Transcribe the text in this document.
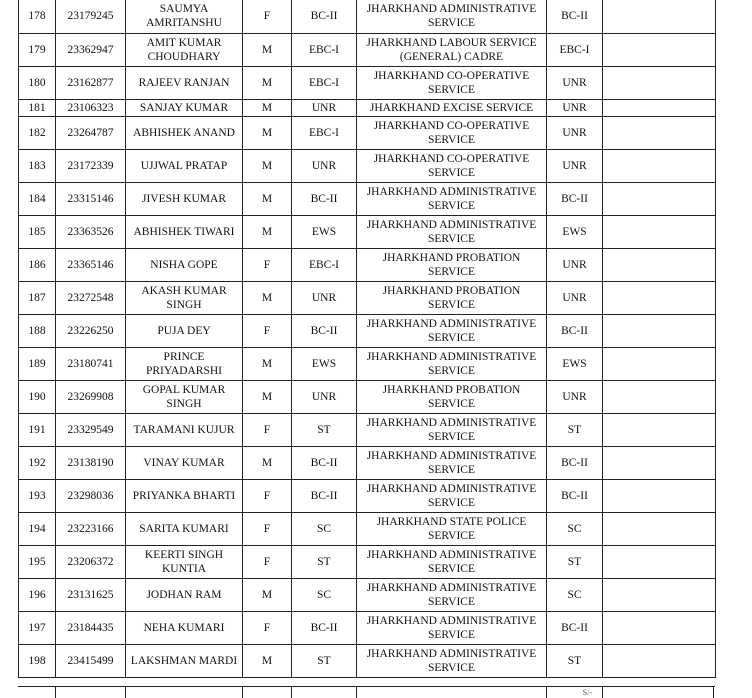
178	23179245	SAUMYA AMRITANSHU	F	BC-II	JHARKHAND ADMINISTRATIVE SERVICE	BC-II	
179	23362947	AMIT KUMAR CHOUDHARY	M	EBC-I	JHARKHAND LABOUR SERVICE (GENERAL) CADRE	EBC-I	
180	23162877	RAJEEV RANJAN	M	EBC-I	JHARKHAND CO-OPERATIVE SERVICE	UNR	
181	23106323	SANJAY KUMAR	M	UNR	JHARKHAND EXCISE SERVICE	UNR	
182	23264787	ABHISHEK ANAND	M	EBC-I	JHARKHAND CO-OPERATIVE SERVICE	UNR	
183	23172339	UJJWAL PRATAP	M	UNR	JHARKHAND CO-OPERATIVE SERVICE	UNR	
184	23315146	JIVESH KUMAR	M	BC-II	JHARKHAND ADMINISTRATIVE SERVICE	BC-II	
185	23363526	ABHISHEK TIWARI	M	EWS	JHARKHAND ADMINISTRATIVE SERVICE	EWS	
186	23365146	NISHA GOPE	F	EBC-I	JHARKHAND PROBATION SERVICE	UNR	
187	23272548	AKASH KUMAR SINGH	M	UNR	JHARKHAND PROBATION SERVICE	UNR	
188	23226250	PUJA DEY	F	BC-II	JHARKHAND ADMINISTRATIVE SERVICE	BC-II	
189	23180741	PRINCE PRIYADARSHI	M	EWS	JHARKHAND ADMINISTRATIVE SERVICE	EWS	
190	23269908	GOPAL KUMAR SINGH	M	UNR	JHARKHAND PROBATION SERVICE	UNR	
191	23329549	TARAMANI KUJUR	F	ST	JHARKHAND ADMINISTRATIVE SERVICE	ST	
192	23138190	VINAY KUMAR	M	BC-II	JHARKHAND ADMINISTRATIVE SERVICE	BC-II	
193	23298036	PRIYANKA BHARTI	F	BC-II	JHARKHAND ADMINISTRATIVE SERVICE	BC-II	
194	23223166	SARITA KUMARI	F	SC	JHARKHAND STATE POLICE SERVICE	SC	
195	23206372	KEERTI SINGH KUNTIA	F	ST	JHARKHAND ADMINISTRATIVE SERVICE	ST	
196	23131625	JODHAN RAM	M	SC	JHARKHAND ADMINISTRATIVE SERVICE	SC	
197	23184435	NEHA KUMARI	F	BC-II	JHARKHAND ADMINISTRATIVE SERVICE	BC-II	
198	23415499	LAKSHMAN MARDI	M	ST	JHARKHAND ADMINISTRATIVE SERVICE	ST	
S/-
